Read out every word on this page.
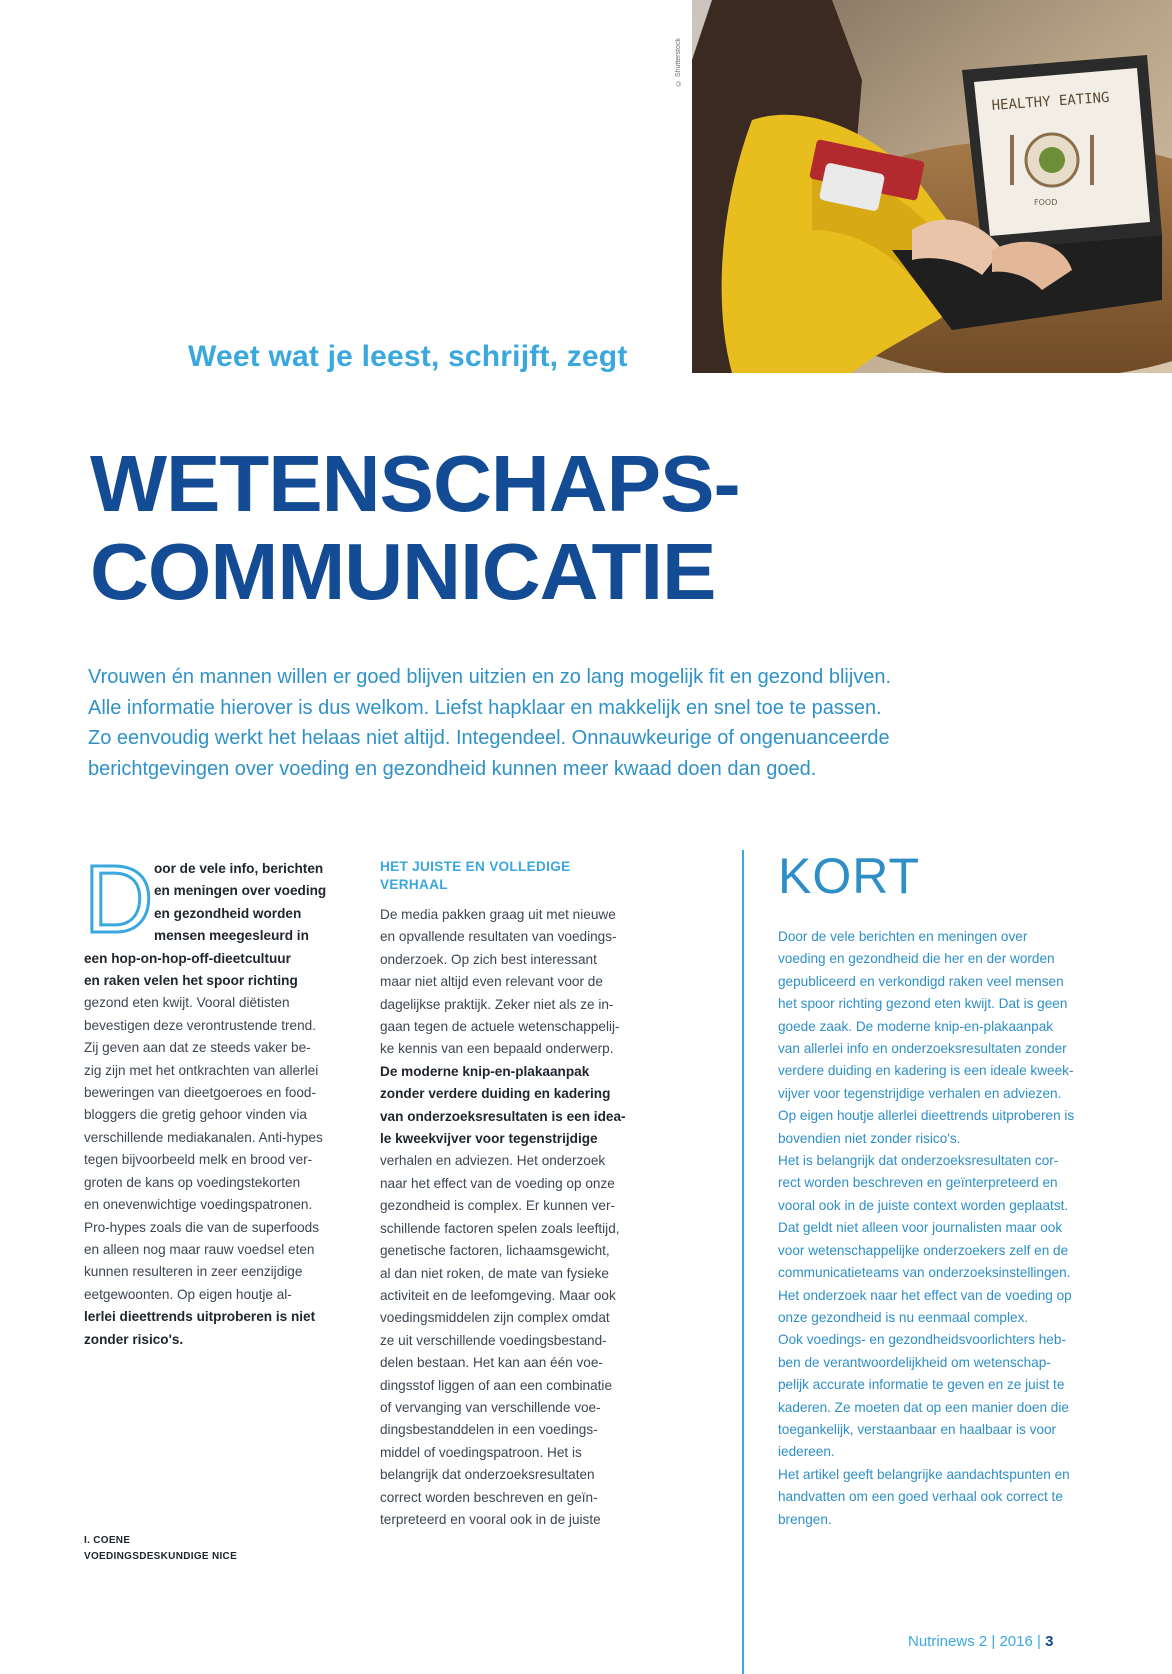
HEALTHY EATING
FOOD
© Shutterstock
Weet wat je leest, schrijft, zegt
WETENSCHAPS-
COMMUNICATIE

Vrouwen én mannen willen er goed blijven uitzien en zo lang mogelijk fit en gezond blijven.

Alle informatie hierover is dus welkom. Liefst hapklaar en makkelijk en snel toe te passen.

Zo eenvoudig werkt het helaas niet altijd. Integendeel. Onnauwkeurige of ongenuanceerde

berichtgevingen over voeding en gezondheid kunnen meer kwaad doen dan goed.

D oor de vele info, berichten

en meningen over voeding

en gezondheid worden

mensen meegesleurd in

een hop-on-hop-off-dieetcultuur

en raken velen het spoor richting

gezond eten kwijt. Vooral diëtisten

bevestigen deze verontrustende trend.

Zij geven aan dat ze steeds vaker be-

zig zijn met het ontkrachten van allerlei

beweringen van dieetgoeroes en food-

bloggers die gretig gehoor vinden via

verschillende mediakanalen. Anti-hypes

tegen bijvoorbeeld melk en brood ver-

groten de kans op voedingstekorten

en onevenwichtige voedingspatronen.

Pro-hypes zoals die van de superfoods

en alleen nog maar rauw voedsel eten

kunnen resulteren in zeer eenzijdige

eetgewoonten. Op eigen houtje al-

lerlei dieettrends uitproberen is niet

zonder risico's.

I. COENE
VOEDINGSDESKUNDIGE NICE
HET JUISTE EN VOLLEDIGE
VERHAAL

De media pakken graag uit met nieuwe

en opvallende resultaten van voedings-

onderzoek. Op zich best interessant

maar niet altijd even relevant voor de

dagelijkse praktijk. Zeker niet als ze in-

gaan tegen de actuele wetenschappelij-

ke kennis van een bepaald onderwerp.

De moderne knip-en-plakaanpak

zonder verdere duiding en kadering

van onderzoeksresultaten is een idea-

le kweekvijver voor tegenstrijdige

verhalen en adviezen. Het onderzoek

naar het effect van de voeding op onze

gezondheid is complex. Er kunnen ver-

schillende factoren spelen zoals leeftijd,

genetische factoren, lichaamsgewicht,

al dan niet roken, de mate van fysieke

activiteit en de leefomgeving. Maar ook

voedingsmiddelen zijn complex omdat

ze uit verschillende voedingsbestand-

delen bestaan. Het kan aan één voe-

dingsstof liggen of aan een combinatie

of vervanging van verschillende voe-

dingsbestanddelen in een voedings-

middel of voedingspatroon. Het is

belangrijk dat onderzoeksresultaten

correct worden beschreven en geïn-

terpreteerd en vooral ook in de juiste

KORT

Door de vele berichten en meningen over

voeding en gezondheid die her en der worden

gepubliceerd en verkondigd raken veel mensen

het spoor richting gezond eten kwijt. Dat is geen

goede zaak. De moderne knip-en-plakaanpak

van allerlei info en onderzoeksresultaten zonder

verdere duiding en kadering is een ideale kweek-

vijver voor tegenstrijdige verhalen en adviezen.

Op eigen houtje allerlei dieettrends uitproberen is

bovendien niet zonder risico's.

Het is belangrijk dat onderzoeksresultaten cor-

rect worden beschreven en geïnterpreteerd en

vooral ook in de juiste context worden geplaatst.

Dat geldt niet alleen voor journalisten maar ook

voor wetenschappelijke onderzoekers zelf en de

communicatieteams van onderzoeksinstellingen.

Het onderzoek naar het effect van de voeding op

onze gezondheid is nu eenmaal complex.

Ook voedings- en gezondheidsvoorlichters heb-

ben de verantwoordelijkheid om wetenschap-

pelijk accurate informatie te geven en ze juist te

kaderen. Ze moeten dat op een manier doen die

toegankelijk, verstaanbaar en haalbaar is voor

iedereen.

Het artikel geeft belangrijke aandachtspunten en

handvatten om een goed verhaal ook correct te

brengen.

Nutrinews 2 | 2016 | 3
